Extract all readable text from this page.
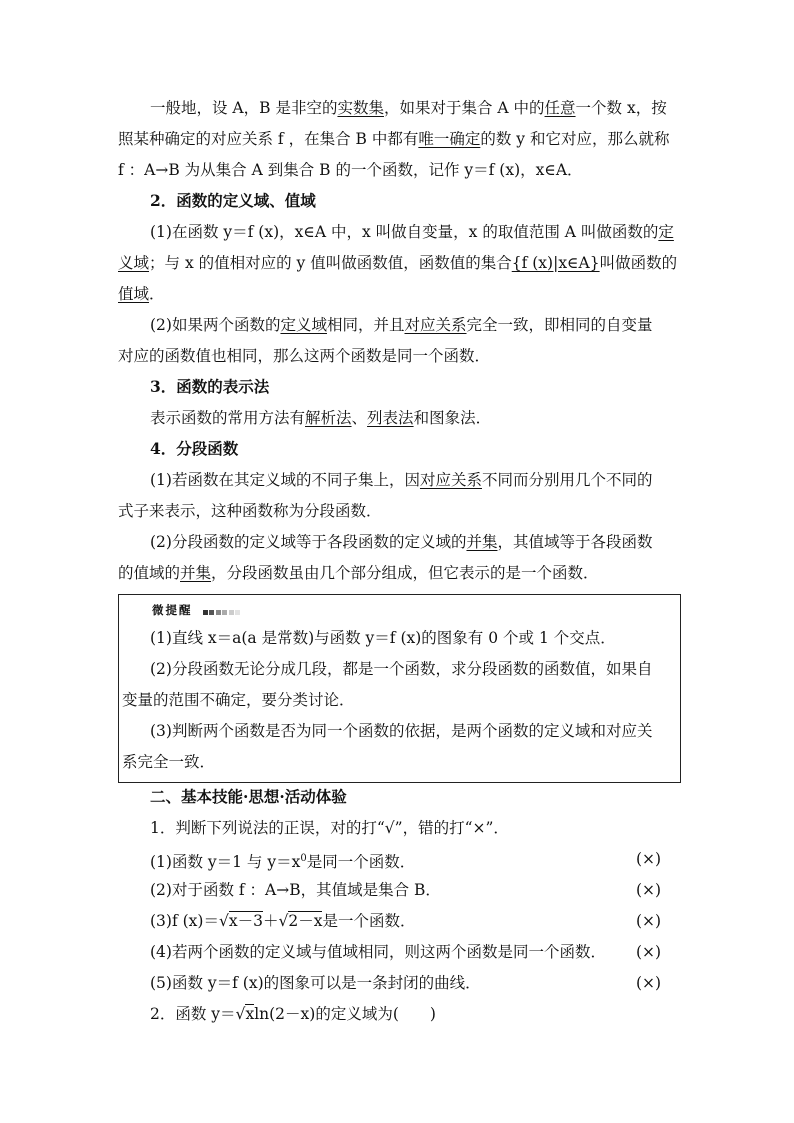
一般地，设 A，B 是非空的实数集，如果对于集合 A 中的任意一个数 x，按
照某种确定的对应关系 f ，在集合 B 中都有唯一确定的数 y 和它对应，那么就称
f ：A→B 为从集合 A 到集合 B 的一个函数，记作 y＝f (x)，x∈A．
2．函数的定义域、值域
(1)在函数 y＝f (x)，x∈A 中，x 叫做自变量，x 的取值范围 A 叫做函数的定
义域；与 x 的值相对应的 y 值叫做函数值，函数值的集合{f (x)|x∈A}叫做函数的
值域．
(2)如果两个函数的定义域相同，并且对应关系完全一致，即相同的自变量
对应的函数值也相同，那么这两个函数是同一个函数．
3．函数的表示法
表示函数的常用方法有解析法、列表法和图象法．
4．分段函数
(1)若函数在其定义域的不同子集上，因对应关系不同而分别用几个不同的
式子来表示，这种函数称为分段函数．
(2)分段函数的定义域等于各段函数的定义域的并集，其值域等于各段函数
的值域的并集，分段函数虽由几个部分组成，但它表示的是一个函数．
微提醒
(1)直线 x＝a(a 是常数)与函数 y＝f (x)的图象有 0 个或 1 个交点．
(2)分段函数无论分成几段，都是一个函数，求分段函数的函数值，如果自
变量的范围不确定，要分类讨论．
(3)判断两个函数是否为同一个函数的依据，是两个函数的定义域和对应关
系完全一致．
二、基本技能·思想·活动体验
1．判断下列说法的正误，对的打“√”，错的打“×”．
(1)函数 y＝1 与 $y=x^0$是同一个函数．	(×)
(2)对于函数 f ：A→B，其值域是集合 B．	(×)
(3)f (x)＝√x－3＋√2－x是一个函数．	(×)
(4)若两个函数的定义域与值域相同，则这两个函数是同一个函数． (×)
(5)函数 y＝f (x)的图象可以是一条封闭的曲线．	(×)
2．函数 y＝√xln(2－x)的定义域为(　　)
